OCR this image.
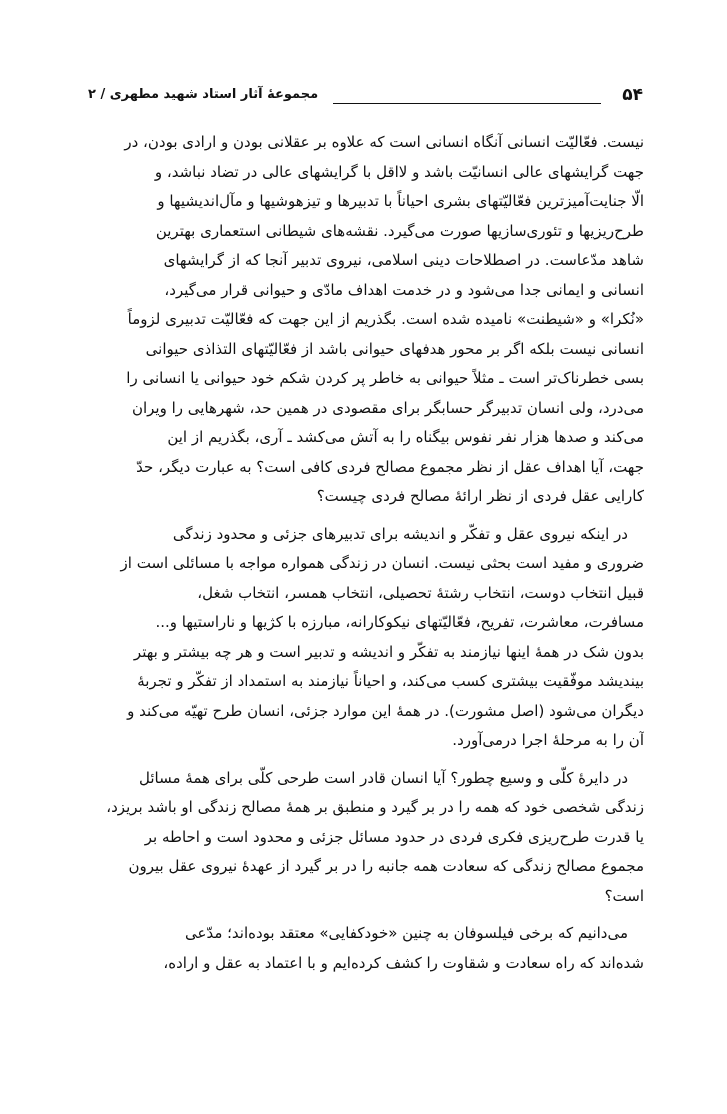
۵۴
مجموعهٔ آثار استاد شهید مطهری / ۲

نیست. فعّالیّت انسانی آنگاه انسانی است که علاوه بر عقلانی بودن و ارادی بودن، در
جهت گرایشهای عالی انسانیّت باشد و لااقل با گرایشهای عالی در تضاد نباشد، و
الّا جنایت‌آمیزترین فعّالیّتهای بشری احیاناً با تدبیرها و تیزهوشیها و مآل‌اندیشیها و
طرح‌ریزیها و تئوری‌سازیها صورت می‌گیرد. نقشه‌های شیطانی استعماری بهترین
شاهد مدّعاست. در اصطلاحات دینی اسلامی، نیروی تدبیر آنجا که از گرایشهای
انسانی و ایمانی جدا می‌شود و در خدمت اهداف مادّی و حیوانی قرار می‌گیرد،
«نُکرا» و «شیطنت» نامیده شده است. بگذریم از این جهت که فعّالیّت تدبیری لزوماً
انسانی نیست بلکه اگر بر محور هدفهای حیوانی باشد از فعّالیّتهای التذاذی حیوانی
بسی خطرناک‌تر است ـ مثلاً حیوانی به خاطر پر کردن شکم خود حیوانی یا انسانی را
می‌درد، ولی انسان تدبیرگر حسابگر برای مقصودی در همین حد، شهرهایی را ویران
می‌کند و صدها هزار نفر نفوس بیگناه را به آتش می‌کشد ـ آری، بگذریم از این
جهت، آیا اهداف عقل از نظر مجموع مصالح فردی کافی است؟ به عبارت دیگر، حدّ
کارایی عقل فردی از نظر ارائهٔ مصالح فردی چیست؟

در اینکه نیروی عقل و تفکّر و اندیشه برای تدبیرهای جزئی و محدود زندگی
ضروری و مفید است بحثی نیست. انسان در زندگی همواره مواجه با مسائلی است از
قبیل انتخاب دوست، انتخاب رشتهٔ تحصیلی، انتخاب همسر، انتخاب شغل،
مسافرت، معاشرت، تفریح، فعّالیّتهای نیکوکارانه، مبارزه با کژیها و ناراستیها و...
بدون شک در همهٔ اینها نیازمند به تفکّر و اندیشه و تدبیر است و هر چه بیشتر و بهتر
بیندیشد موفّقیت بیشتری کسب می‌کند، و احیاناً نیازمند به استمداد از تفکّر و تجربهٔ
دیگران می‌شود (اصل مشورت). در همهٔ این موارد جزئی، انسان طرح تهیّه می‌کند و
آن را به مرحلهٔ اجرا درمی‌آورد.

در دایرهٔ کلّی و وسیع چطور؟ آیا انسان قادر است طرحی کلّی برای همهٔ مسائل
زندگی شخصی خود که همه را در بر گیرد و منطبق بر همهٔ مصالح زندگی او باشد بریزد،
یا قدرت طرح‌ریزی فکری فردی در حدود مسائل جزئی و محدود است و احاطه بر
مجموع مصالح زندگی که سعادت همه جانبه را در بر گیرد از عهدهٔ نیروی عقل بیرون
است؟

می‌دانیم که برخی فیلسوفان به چنین «خودکفایی» معتقد بوده‌اند؛ مدّعی
شده‌اند که راه سعادت و شقاوت را کشف کرده‌ایم و با اعتماد به عقل و اراده،
